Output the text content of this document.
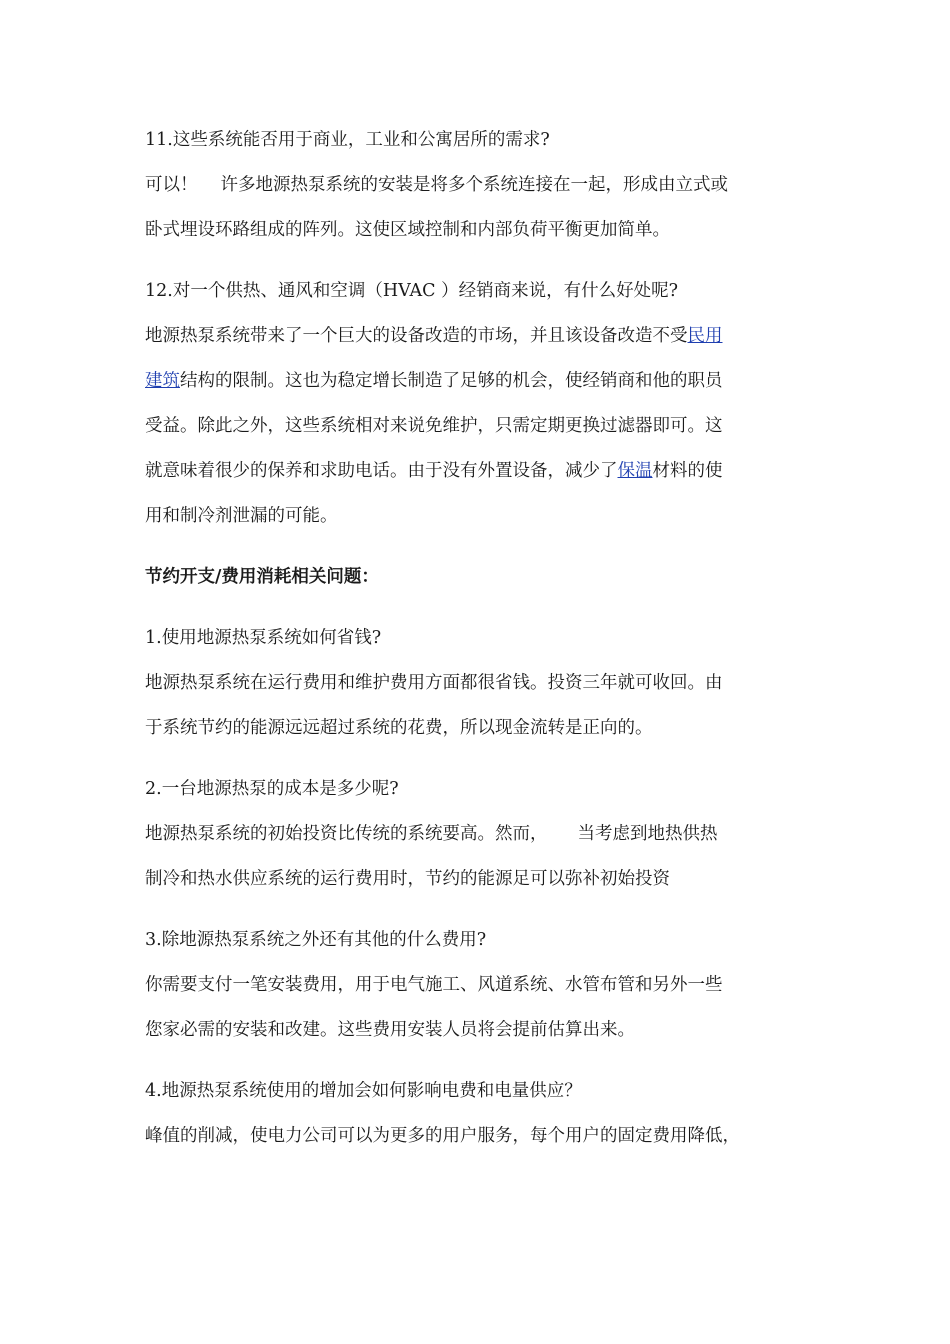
11.这些系统能否用于商业，工业和公寓居所的需求?
可以！　 许多地源热泵系统的安装是将多个系统连接在一起，形成由立式或
卧式埋设环路组成的阵列。这使区域控制和内部负荷平衡更加简单。
12.对一个供热、通风和空调（HVAC ）经销商来说，有什么好处呢?
地源热泵系统带来了一个巨大的设备改造的市场，并且该设备改造不受民用
建筑结构的限制。这也为稳定增长制造了足够的机会，使经销商和他的职员
受益。除此之外，这些系统相对来说免维护，只需定期更换过滤器即可。这
就意味着很少的保养和求助电话。由于没有外置设备，减少了保温材料的使
用和制冷剂泄漏的可能。
节约开支/费用消耗相关问题：
1.使用地源热泵系统如何省钱?
地源热泵系统在运行费用和维护费用方面都很省钱。投资三年就可收回。由
于系统节约的能源远远超过系统的花费，所以现金流转是正向的。
2.一台地源热泵的成本是多少呢?
地源热泵系统的初始投资比传统的系统要高。然而， 当考虑到地热供热
制冷和热水供应系统的运行费用时，节约的能源足可以弥补初始投资
3.除地源热泵系统之外还有其他的什么费用?
你需要支付一笔安装费用，用于电气施工、风道系统、水管布管和另外一些
您家必需的安装和改建。这些费用安装人员将会提前估算出来。
4.地源热泵系统使用的增加会如何影响电费和电量供应？
峰值的削减，使电力公司可以为更多的用户服务，每个用户的固定费用降低，
